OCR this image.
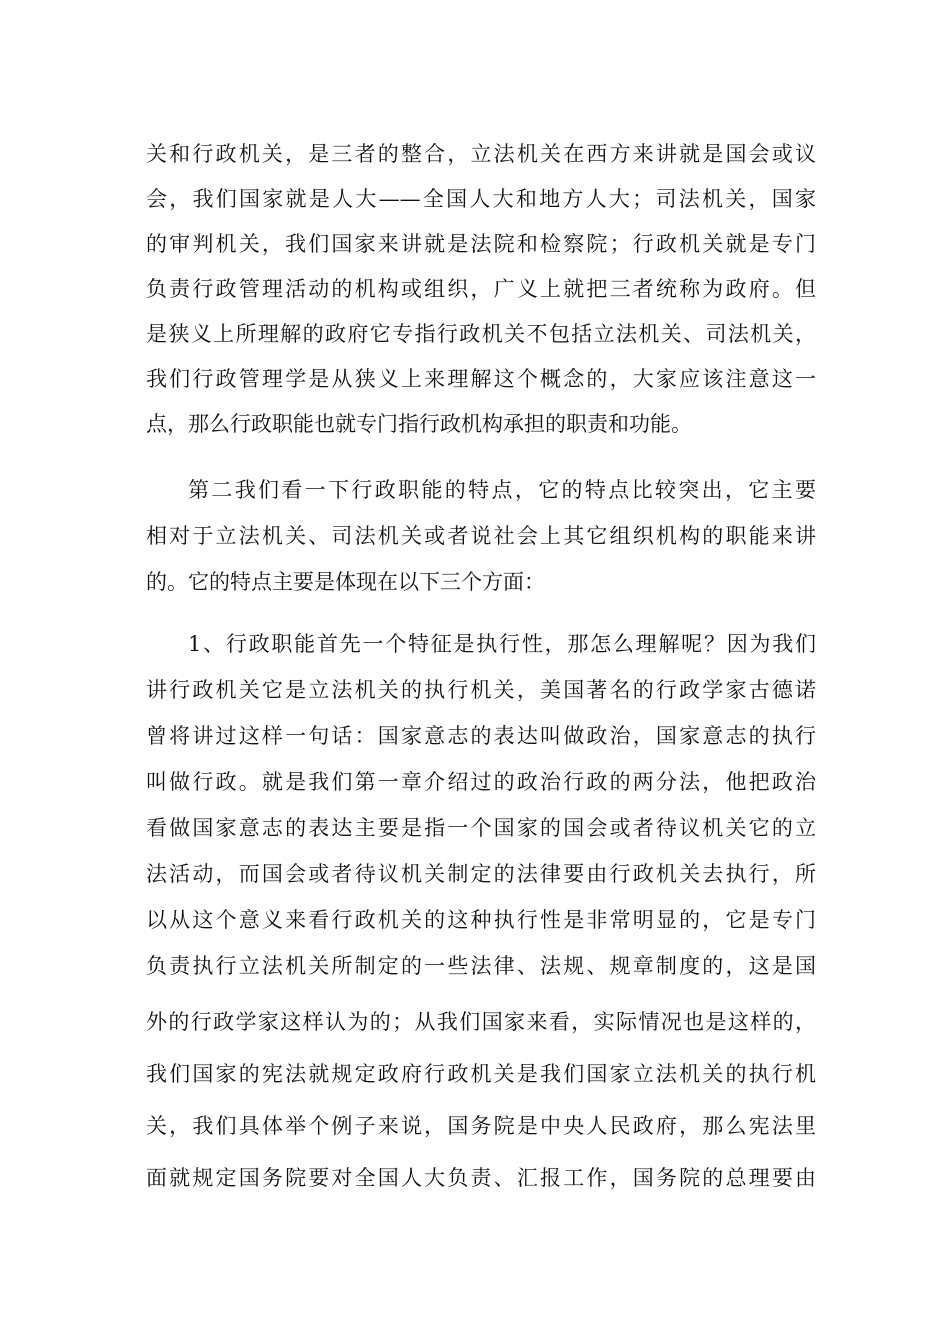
关和行政机关，是三者的整合，立法机关在西方来讲就是国会或议
会，我们国家就是人大——全国人大和地方人大；司法机关，国家
的审判机关，我们国家来讲就是法院和检察院；行政机关就是专门
负责行政管理活动的机构或组织，广义上就把三者统称为政府。但
是狭义上所理解的政府它专指行政机关不包括立法机关、司法机关，
我们行政管理学是从狭义上来理解这个概念的，大家应该注意这一
点，那么行政职能也就专门指行政机构承担的职责和功能。
第二我们看一下行政职能的特点，它的特点比较突出，它主要
相对于立法机关、司法机关或者说社会上其它组织机构的职能来讲
的。它的特点主要是体现在以下三个方面：
1、行政职能首先一个特征是执行性，那怎么理解呢？因为我们
讲行政机关它是立法机关的执行机关，美国著名的行政学家古德诺
曾将讲过这样一句话：国家意志的表达叫做政治，国家意志的执行
叫做行政。就是我们第一章介绍过的政治行政的两分法，他把政治
看做国家意志的表达主要是指一个国家的国会或者待议机关它的立
法活动，而国会或者待议机关制定的法律要由行政机关去执行，所
以从这个意义来看行政机关的这种执行性是非常明显的，它是专门
负责执行立法机关所制定的一些法律、法规、规章制度的，这是国
外的行政学家这样认为的；从我们国家来看，实际情况也是这样的，
我们国家的宪法就规定政府行政机关是我们国家立法机关的执行机
关，我们具体举个例子来说，国务院是中央人民政府，那么宪法里
面就规定国务院要对全国人大负责、汇报工作，国务院的总理要由
